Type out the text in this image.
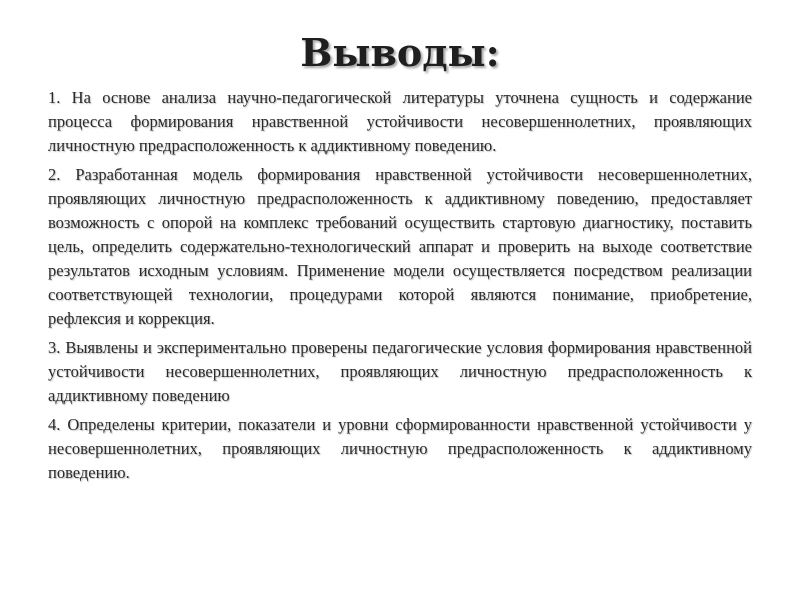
Выводы:

1. На основе анализа научно-педагогической литературы уточнена сущность и содержание процесса формирования нравственной устойчивости несовершеннолетних, проявляющих личностную предрасположенность к аддиктивному поведению.

2. Разработанная модель формирования нравственной устойчивости несовершеннолетних, проявляющих личностную предрасположенность к аддиктивному поведению, предоставляет возможность с опорой на комплекс требований осуществить стартовую диагностику, поставить цель, определить содержательно-технологический аппарат и проверить на выходе соответствие результатов исходным условиям. Применение модели осуществляется посредством реализации соответствующей технологии, процедурами которой являются понимание, приобретение, рефлексия и коррекция.

3. Выявлены и экспериментально проверены педагогические условия формирования нравственной устойчивости несовершеннолетних, проявляющих личностную предрасположенность к аддиктивному поведению

4. Определены критерии, показатели и уровни сформированности нравственной устойчивости у несовершеннолетних, проявляющих личностную предрасположенность к аддиктивному поведению.
